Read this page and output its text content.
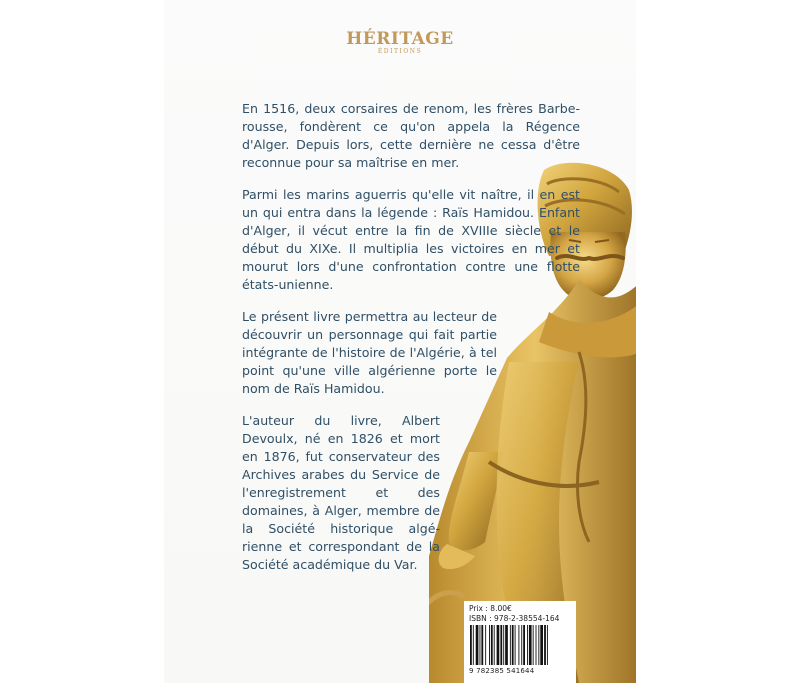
HÉRITAGE
ÉDITIONS

En 1516, deux corsaires de renom, les frères Barbe-rousse, fondèrent ce qu'on appela la Régence d'Alger. Depuis lors, cette dernière ne cessa d'être reconnue pour sa maîtrise en mer.

Parmi les marins aguerris qu'elle vit naître, il en est un qui entra dans la légende : Raïs Hamidou. Enfant d'Alger, il vécut entre la fin de XVIIIe siècle et le début du XIXe. Il multiplia les victoires en mer et mourut lors d'une confrontation contre une flotte états-unienne.

Le présent livre permettra au lecteur de découvrir un personnage qui fait partie intégrante de l'histoire de l'Algérie, à tel point qu'une ville algérienne porte le nom de Raïs Hamidou.

L'auteur du livre, Albert Devoulx, né en 1826 et mort en 1876, fut conservateur des Archives arabes du Service de l'enregistrement et des domaines, à Alger, membre de la Société historique algé-rienne et correspondant de la Société académique du Var.

Prix : 8.00€
ISBN : 978-2-38554-164
9 782385 541644
